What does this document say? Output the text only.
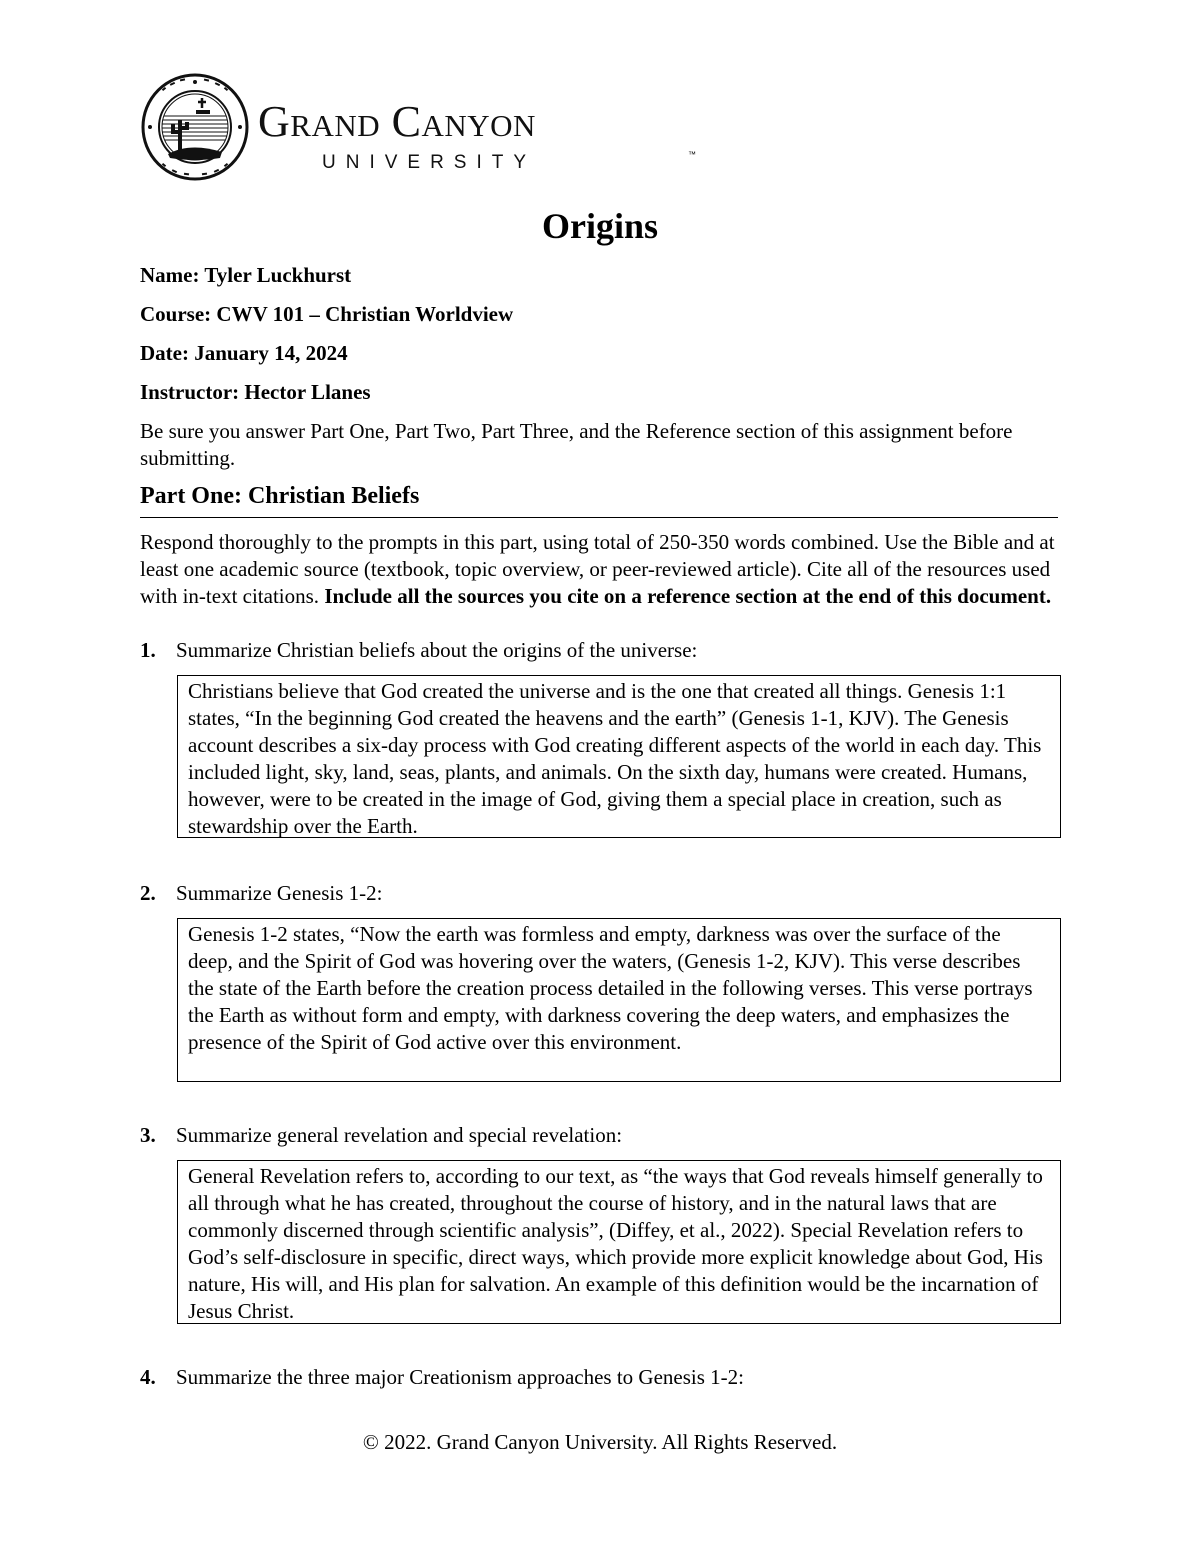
Grand Canyon
UNIVERSITY	™
Origins
Name: Tyler Luckhurst
Course: CWV 101 – Christian Worldview
Date: January 14, 2024
Instructor: Hector Llanes
Be sure you answer Part One, Part Two, Part Three, and the Reference section of this assignment before submitting.
Part One: Christian Beliefs
Respond thoroughly to the prompts in this part, using total of 250-350 words combined. Use the Bible and at least one academic source (textbook, topic overview, or peer-reviewed article). Cite all of the resources used with in-text citations. Include all the sources you cite on a reference section at the end of this document.
1. Summarize Christian beliefs about the origins of the universe:
Christians believe that God created the universe and is the one that created all things. Genesis 1:1 states, “In the beginning God created the heavens and the earth” (Genesis 1-1, KJV). The Genesis account describes a six-day process with God creating different aspects of the world in each day. This included light, sky, land, seas, plants, and animals. On the sixth day, humans were created. Humans, however, were to be created in the image of God, giving them a special place in creation, such as stewardship over the Earth.
2. Summarize Genesis 1-2:
Genesis 1-2 states, “Now the earth was formless and empty, darkness was over the surface of the deep, and the Spirit of God was hovering over the waters, (Genesis 1-2, KJV). This verse describes the state of the Earth before the creation process detailed in the following verses. This verse portrays the Earth as without form and empty, with darkness covering the deep waters, and emphasizes the presence of the Spirit of God active over this environment.
3. Summarize general revelation and special revelation:
General Revelation refers to, according to our text, as “the ways that God reveals himself generally to all through what he has created, throughout the course of history, and in the natural laws that are commonly discerned through scientific analysis”, (Diffey, et al., 2022). Special Revelation refers to God’s self-disclosure in specific, direct ways, which provide more explicit knowledge about God, His nature, His will, and His plan for salvation. An example of this definition would be the incarnation of Jesus Christ.
4. Summarize the three major Creationism approaches to Genesis 1-2:
© 2022. Grand Canyon University. All Rights Reserved.
